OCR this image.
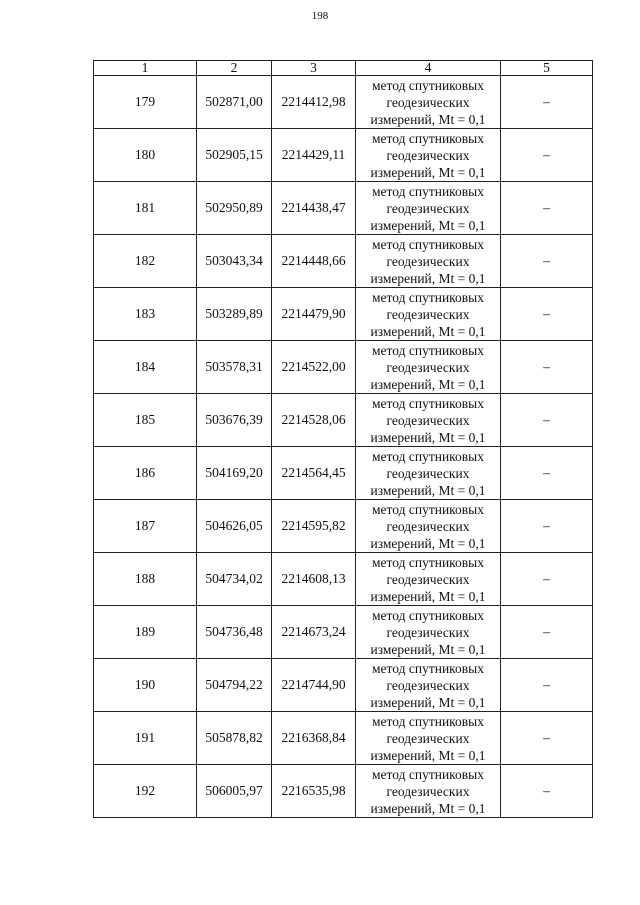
198
1	2	3	4	5
179	502871,00	2214412,98	метод спутниковых
геодезических
измерений, Mt = 0,1	–
180	502905,15	2214429,11	метод спутниковых
геодезических
измерений, Mt = 0,1	–
181	502950,89	2214438,47	метод спутниковых
геодезических
измерений, Mt = 0,1	–
182	503043,34	2214448,66	метод спутниковых
геодезических
измерений, Mt = 0,1	–
183	503289,89	2214479,90	метод спутниковых
геодезических
измерений, Mt = 0,1	–
184	503578,31	2214522,00	метод спутниковых
геодезических
измерений, Mt = 0,1	–
185	503676,39	2214528,06	метод спутниковых
геодезических
измерений, Mt = 0,1	–
186	504169,20	2214564,45	метод спутниковых
геодезических
измерений, Mt = 0,1	–
187	504626,05	2214595,82	метод спутниковых
геодезических
измерений, Mt = 0,1	–
188	504734,02	2214608,13	метод спутниковых
геодезических
измерений, Mt = 0,1	–
189	504736,48	2214673,24	метод спутниковых
геодезических
измерений, Mt = 0,1	–
190	504794,22	2214744,90	метод спутниковых
геодезических
измерений, Mt = 0,1	–
191	505878,82	2216368,84	метод спутниковых
геодезических
измерений, Mt = 0,1	–
192	506005,97	2216535,98	метод спутниковых
геодезических
измерений, Mt = 0,1	–
